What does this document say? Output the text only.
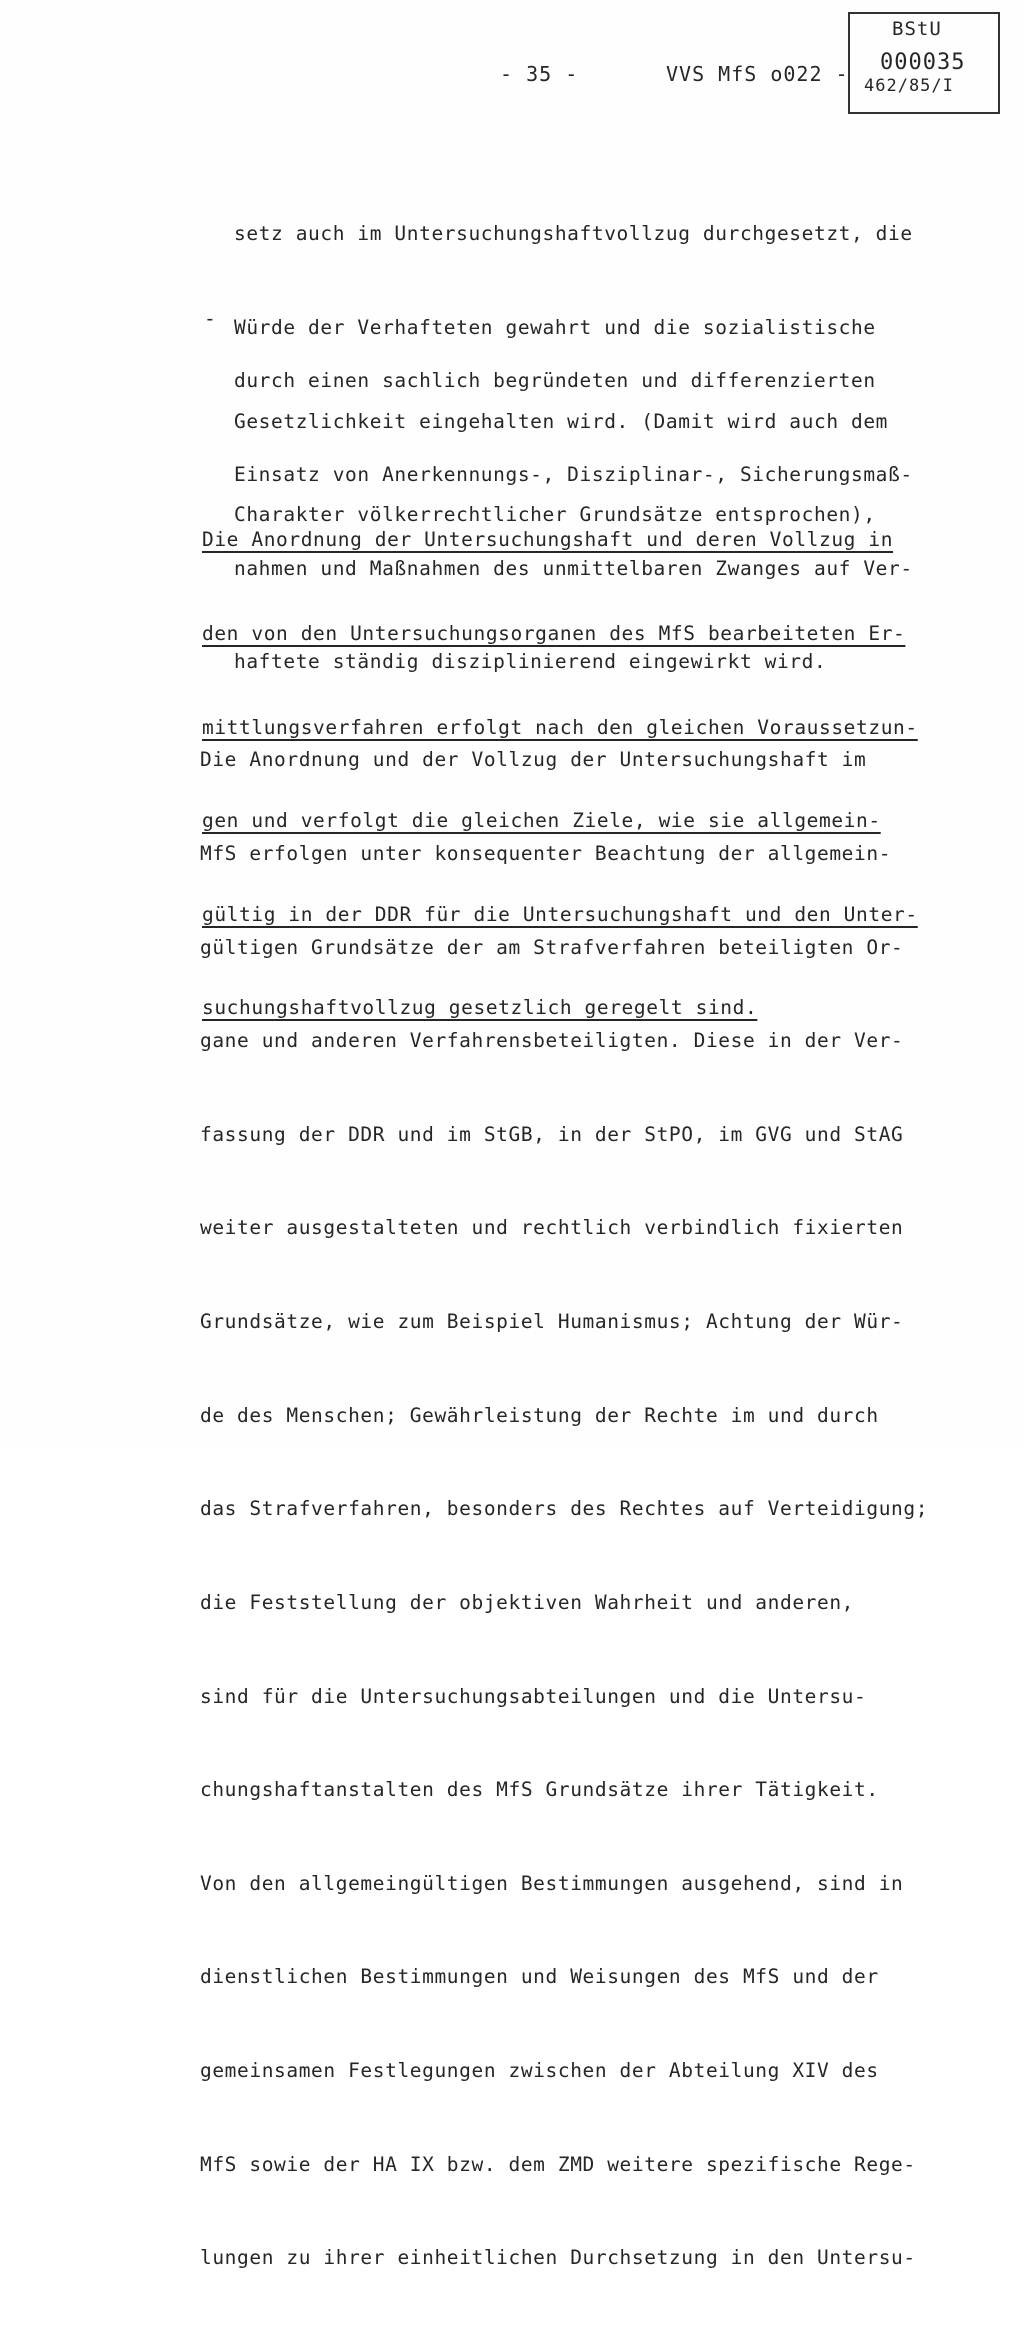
- 35 -	VVS MfS o022 -
BStU
000035
462/85/I

setz auch im Untersuchungshaftvollzug durchgesetzt, die

Würde der Verhafteten gewahrt und die sozialistische

Gesetzlichkeit eingehalten wird. (Damit wird auch dem

Charakter völkerrechtlicher Grundsätze entsprochen),

-

durch einen sachlich begründeten und differenzierten

Einsatz von Anerkennungs-, Disziplinar-, Sicherungsmaß-

nahmen und Maßnahmen des unmittelbaren Zwanges auf Ver-

haftete ständig disziplinierend eingewirkt wird.

Die Anordnung der Untersuchungshaft und deren Vollzug in

den von den Untersuchungsorganen des MfS bearbeiteten Er-

mittlungsverfahren erfolgt nach den gleichen Voraussetzun-

gen und verfolgt die gleichen Ziele, wie sie allgemein-

gültig in der DDR für die Untersuchungshaft und den Unter-

suchungshaftvollzug gesetzlich geregelt sind.

Die Anordnung und der Vollzug der Untersuchungshaft im

MfS erfolgen unter konsequenter Beachtung der allgemein-

gültigen Grundsätze der am Strafverfahren beteiligten Or-

gane und anderen Verfahrensbeteiligten. Diese in der Ver-

fassung der DDR und im StGB, in der StPO, im GVG und StAG

weiter ausgestalteten und rechtlich verbindlich fixierten

Grundsätze, wie zum Beispiel Humanismus; Achtung der Wür-

de des Menschen; Gewährleistung der Rechte im und durch

das Strafverfahren, besonders des Rechtes auf Verteidigung;

die Feststellung der objektiven Wahrheit und anderen,

sind für die Untersuchungsabteilungen und die Untersu-

chungshaftanstalten des MfS Grundsätze ihrer Tätigkeit.

Von den allgemeingültigen Bestimmungen ausgehend, sind in

dienstlichen Bestimmungen und Weisungen des MfS und der

gemeinsamen Festlegungen zwischen der Abteilung XIV des

MfS sowie der HA IX bzw. dem ZMD weitere spezifische Rege-

lungen zu ihrer einheitlichen Durchsetzung in den Untersu-
